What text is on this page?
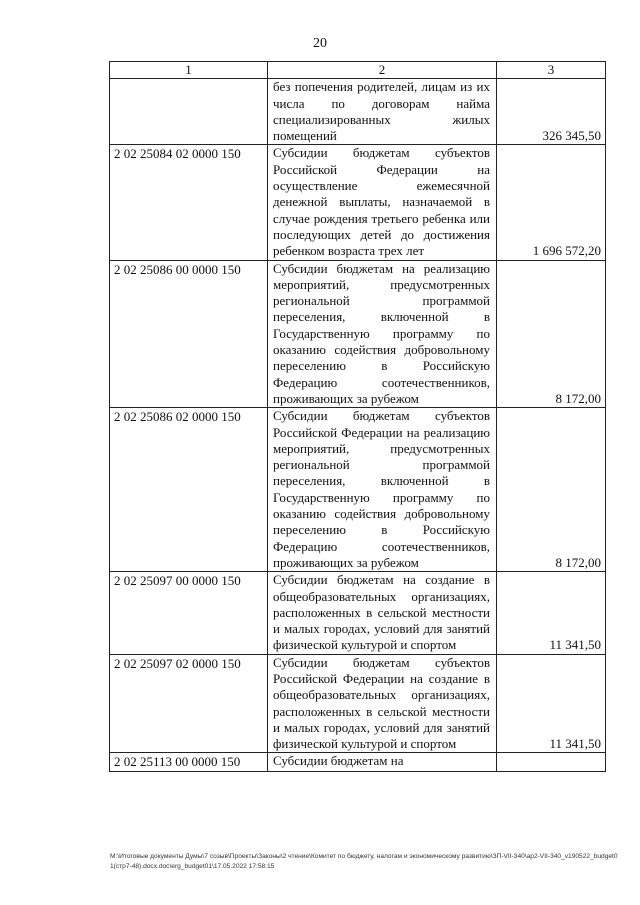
20
1	2	3
	без попечения родителей, лицам из их числа по договорам найма специализированных жилых помещений	326 345,50
2 02 25084 02 0000 150	Субсидии бюджетам субъектов Российской Федерации на осуществление ежемесячной денежной выплаты, назначаемой в случае рождения третьего ребенка или последующих детей до достижения ребенком возраста трех лет	1 696 572,20
2 02 25086 00 0000 150	Субсидии бюджетам на реализацию мероприятий, предусмотренных региональной программой переселения, включенной в Государственную программу по оказанию содействия добровольному переселению в Российскую Федерацию соотечественников, проживающих за рубежом	8 172,00
2 02 25086 02 0000 150	Субсидии бюджетам субъектов Российской Федерации на реализацию мероприятий, предусмотренных региональной программой переселения, включенной в Государственную программу по оказанию содействия добровольному переселению в Российскую Федерацию соотечественников, проживающих за рубежом	8 172,00
2 02 25097 00 0000 150	Субсидии бюджетам на создание в общеобразовательных организациях, расположенных в сельской местности и малых городах, условий для занятий физической культурой и спортом	11 341,50
2 02 25097 02 0000 150	Субсидии бюджетам субъектов Российской Федерации на создание в общеобразовательных организациях, расположенных в сельской местности и малых городах, условий для занятий физической культурой и спортом	11 341,50
2 02 25113 00 0000 150	Субсидии бюджетам на	
M:\Итоговые документы Думы\7 созыв\Проекты\Законы\2 чтение\Комитет по бюджету, налогам и экономическому развитию\ЗП-VII-340\ар2-VII-340_v190522_budget01(стр7-48).docx.doc\erg_budget01\17.05.2022 17:58:15
